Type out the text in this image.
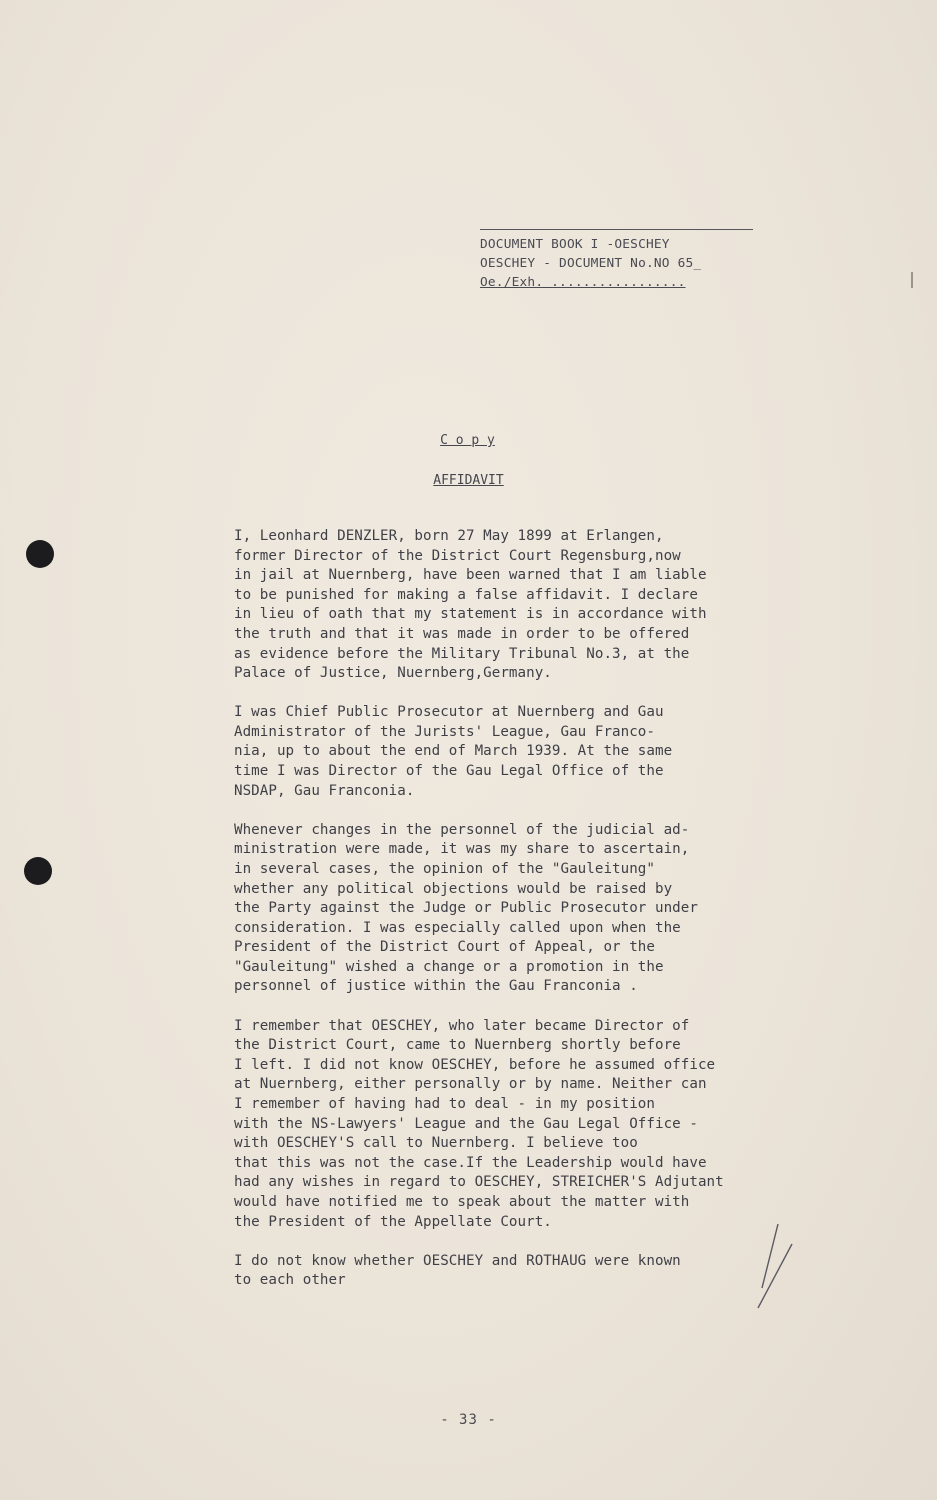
DOCUMENT BOOK I -OESCHEY
OESCHEY - DOCUMENT No.NO 65_
Oe./Exh. .................
C o p y
AFFIDAVIT
I, Leonhard DENZLER, born 27 May 1899 at Erlangen,
former Director of the District Court Regensburg,now
in jail at Nuernberg, have been warned that I am liable
to be punished for making a false affidavit. I declare
in lieu of oath that my statement is in accordance with
the truth and that it was made in order to be offered
as evidence before the Military Tribunal No.3, at the
Palace of Justice, Nuernberg,Germany.
I was Chief Public Prosecutor at Nuernberg and Gau
Administrator of the Jurists' League, Gau Franco-
nia, up to about the end of March 1939. At the same
time I was Director of the Gau Legal Office of the
NSDAP, Gau Franconia.
Whenever changes in the personnel of the judicial ad-
ministration were made, it was my share to ascertain,
in several cases, the opinion of the "Gauleitung"
whether any political objections would be raised by
the Party against the Judge or Public Prosecutor under
consideration. I was especially called upon when the
President of the District Court of Appeal, or the
"Gauleitung" wished a change or a promotion in the
personnel of justice within the Gau Franconia .
I remember that OESCHEY, who later became Director of
the District Court, came to Nuernberg shortly before
I left. I did not know OESCHEY, before he assumed office
at Nuernberg, either personally or by name. Neither can
I remember of having had to deal - in my position
with the NS-Lawyers' League and the Gau Legal Office -
with OESCHEY'S call to Nuernberg. I believe too
that this was not the case.If the Leadership would have
had any wishes in regard to OESCHEY, STREICHER'S Adjutant
would have notified me to speak about the matter with
the President of the Appellate Court.
I do not know whether OESCHEY and ROTHAUG were known
to each other
- 33 -
